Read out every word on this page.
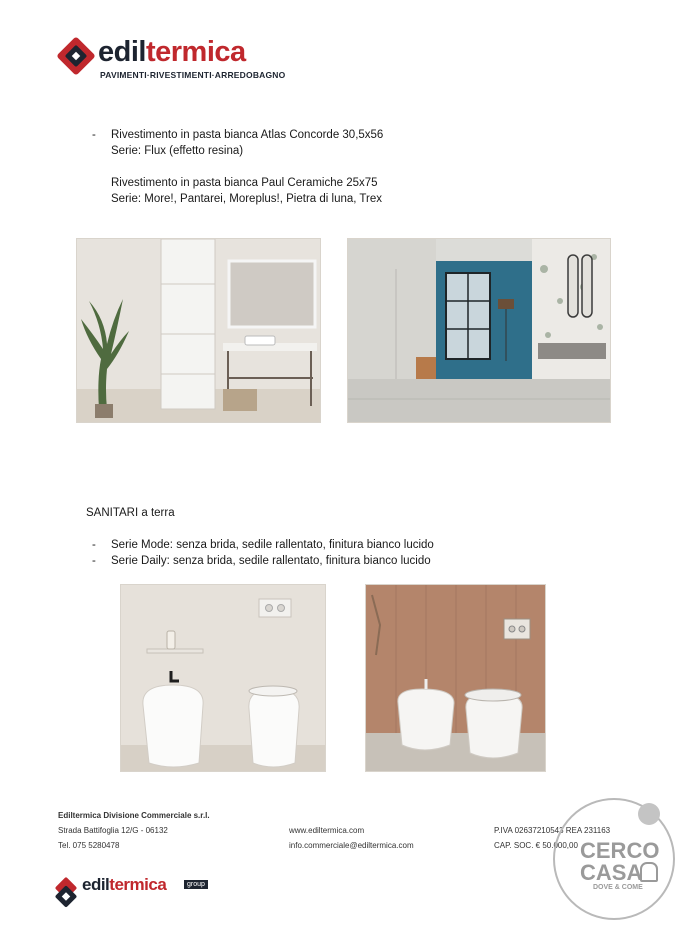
ediltermica
PAVIMENTI·RIVESTIMENTI·ARREDOBAGNO
- Rivestimento in pasta bianca Atlas Concorde 30,5x56
Serie: Flux (effetto resina)
Rivestimento in pasta bianca Paul Ceramiche 25x75
Serie: More!, Pantarei, Moreplus!, Pietra di luna, Trex
SANITARI a terra
- Serie Mode: senza brida, sedile rallentato, finitura bianco lucido
- Serie Daily: senza brida, sedile rallentato, finitura bianco lucido
Ediltermica Divisione Commerciale s.r.l.
Strada Battifoglia 12/G - 06132
Tel. 075 5280478
www.ediltermica.com
info.commerciale@ediltermica.com
P.IVA 02637210543 REA 231163
CAP. SOC. € 50.000,00
ediltermica	group
CERCO
CASA
DOVE & COME
